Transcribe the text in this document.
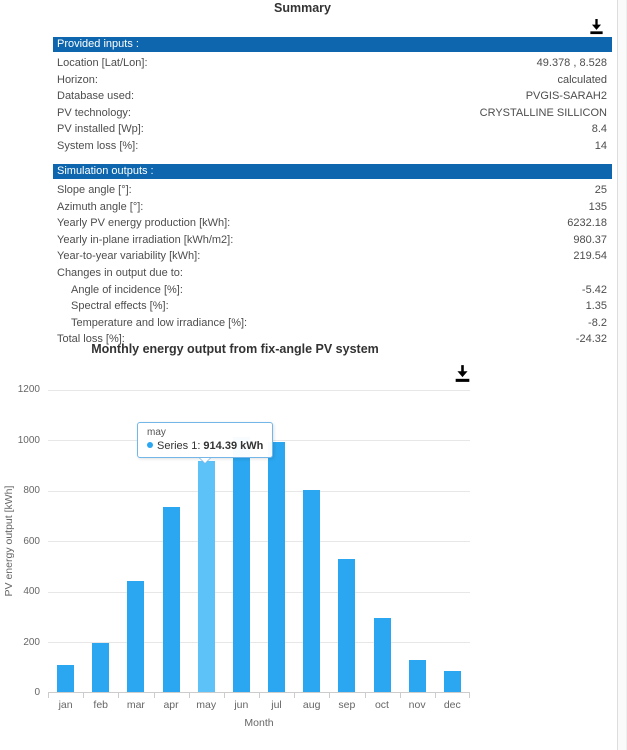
Summary
Provided inputs :
Location [Lat/Lon]:	49.378 , 8.528
Horizon:	calculated
Database used:	PVGIS-SARAH2
PV technology:	CRYSTALLINE SILLICON
PV installed [Wp]:	8.4
System loss [%]:	14
Simulation outputs :
Slope angle [°]:	25
Azimuth angle [°]:	135
Yearly PV energy production [kWh]:	6232.18
Yearly in-plane irradiation [kWh/m2]:	980.37
Year-to-year variability [kWh]:	219.54
Changes in output due to:
Angle of incidence [%]:	-5.42
Spectral effects [%]:	1.35
Temperature and low irradiance [%]:	-8.2
Total loss [%]:	-24.32
Monthly energy output from fix-angle PV system
PV energy output [kWh]
0
200
400
600
800
1000
1200
jan	feb	mar	apr	may	jun	jul	aug	sep	oct	nov	dec
Month
may
Series 1: 914.39 kWh
